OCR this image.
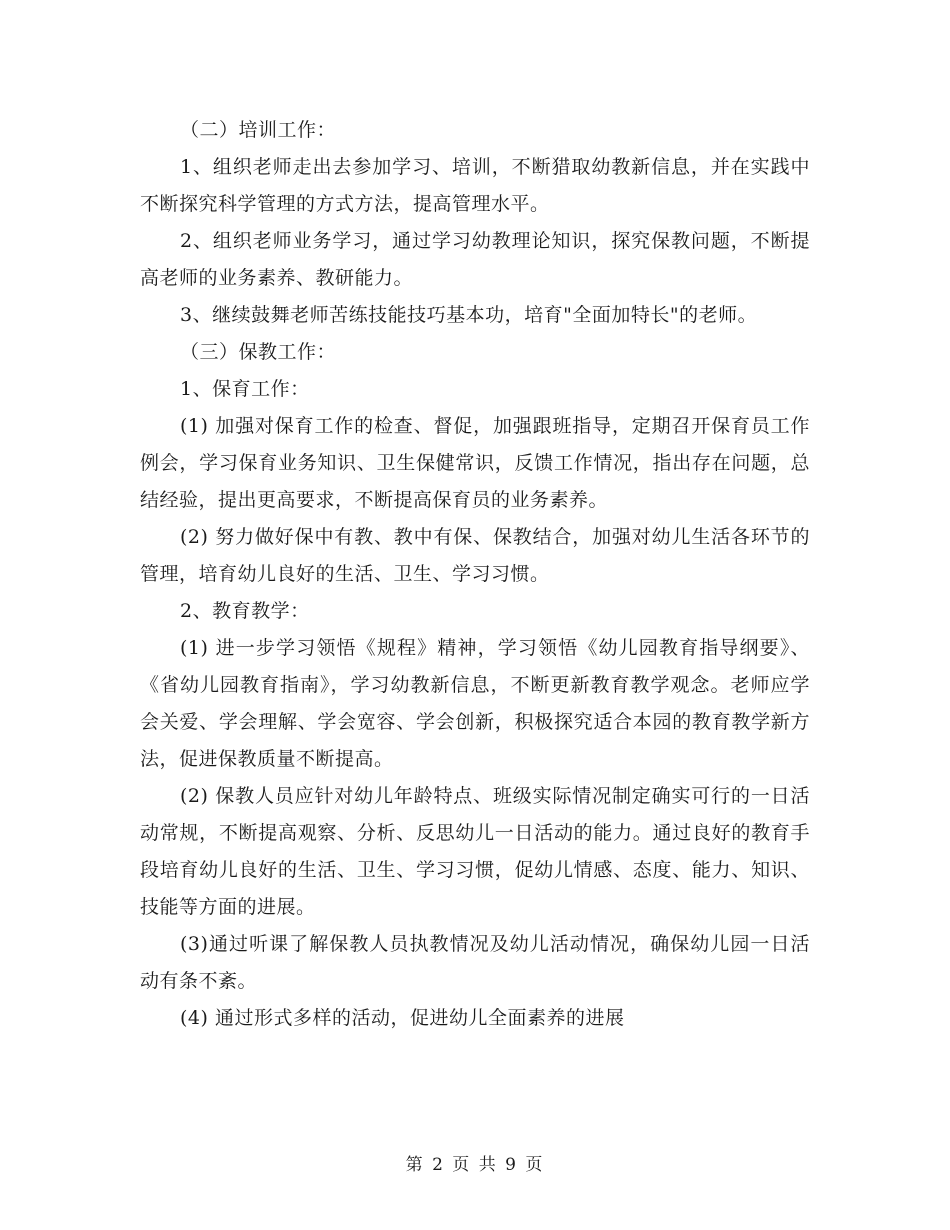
（二）培训工作：

1、组织老师走出去参加学习、培训，不断猎取幼教新信息，并在实践中不断探究科学管理的方式方法，提高管理水平。

2、组织老师业务学习，通过学习幼教理论知识，探究保教问题，不断提高老师的业务素养、教研能力。

3、继续鼓舞老师苦练技能技巧基本功，培育"全面加特长"的老师。

（三）保教工作：

1、保育工作：

(1) 加强对保育工作的检查、督促，加强跟班指导，定期召开保育员工作例会，学习保育业务知识、卫生保健常识，反馈工作情况，指出存在问题，总结经验，提出更高要求，不断提高保育员的业务素养。

(2) 努力做好保中有教、教中有保、保教结合，加强对幼儿生活各环节的管理，培育幼儿良好的生活、卫生、学习习惯。

2、教育教学：

(1) 进一步学习领悟《规程》精神，学习领悟《幼儿园教育指导纲要》、《省幼儿园教育指南》，学习幼教新信息，不断更新教育教学观念。老师应学会关爱、学会理解、学会宽容、学会创新，积极探究适合本园的教育教学新方法，促进保教质量不断提高。

(2) 保教人员应针对幼儿年龄特点、班级实际情况制定确实可行的一日活动常规，不断提高观察、分析、反思幼儿一日活动的能力。通过良好的教育手段培育幼儿良好的生活、卫生、学习习惯，促幼儿情感、态度、能力、知识、技能等方面的进展。

(3)通过听课了解保教人员执教情况及幼儿活动情况，确保幼儿园一日活动有条不紊。

(4) 通过形式多样的活动，促进幼儿全面素养的进展

第 2 页 共 9 页
